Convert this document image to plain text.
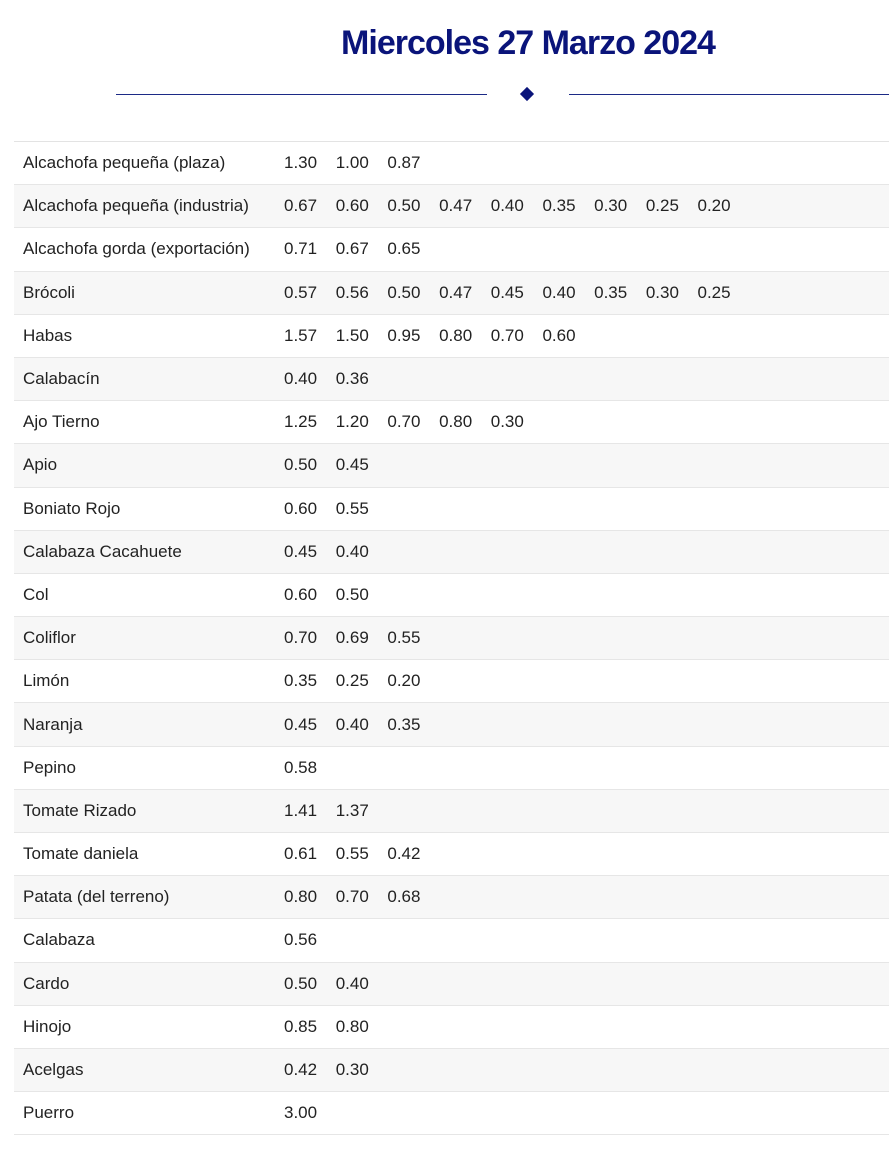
Miercoles 27 Marzo 2024
Alcachofa pequeña (plaza)	1.30	1.00	0.87
Alcachofa pequeña (industria)	0.67	0.60	0.50	0.47	0.40	0.35	0.30	0.25	0.20
Alcachofa gorda (exportación)	0.71	0.67	0.65
Brócoli	0.57	0.56	0.50	0.47	0.45	0.40	0.35	0.30	0.25
Habas	1.57	1.50	0.95	0.80	0.70	0.60
Calabacín	0.40	0.36
Ajo Tierno	1.25	1.20	0.70	0.80	0.30
Apio	0.50	0.45
Boniato Rojo	0.60	0.55
Calabaza Cacahuete	0.45	0.40
Col	0.60	0.50
Coliflor	0.70	0.69	0.55
Limón	0.35	0.25	0.20
Naranja	0.45	0.40	0.35
Pepino	0.58
Tomate Rizado	1.41	1.37
Tomate daniela	0.61	0.55	0.42
Patata (del terreno)	0.80	0.70	0.68
Calabaza	0.56
Cardo	0.50	0.40
Hinojo	0.85	0.80
Acelgas	0.42	0.30
Puerro	3.00
